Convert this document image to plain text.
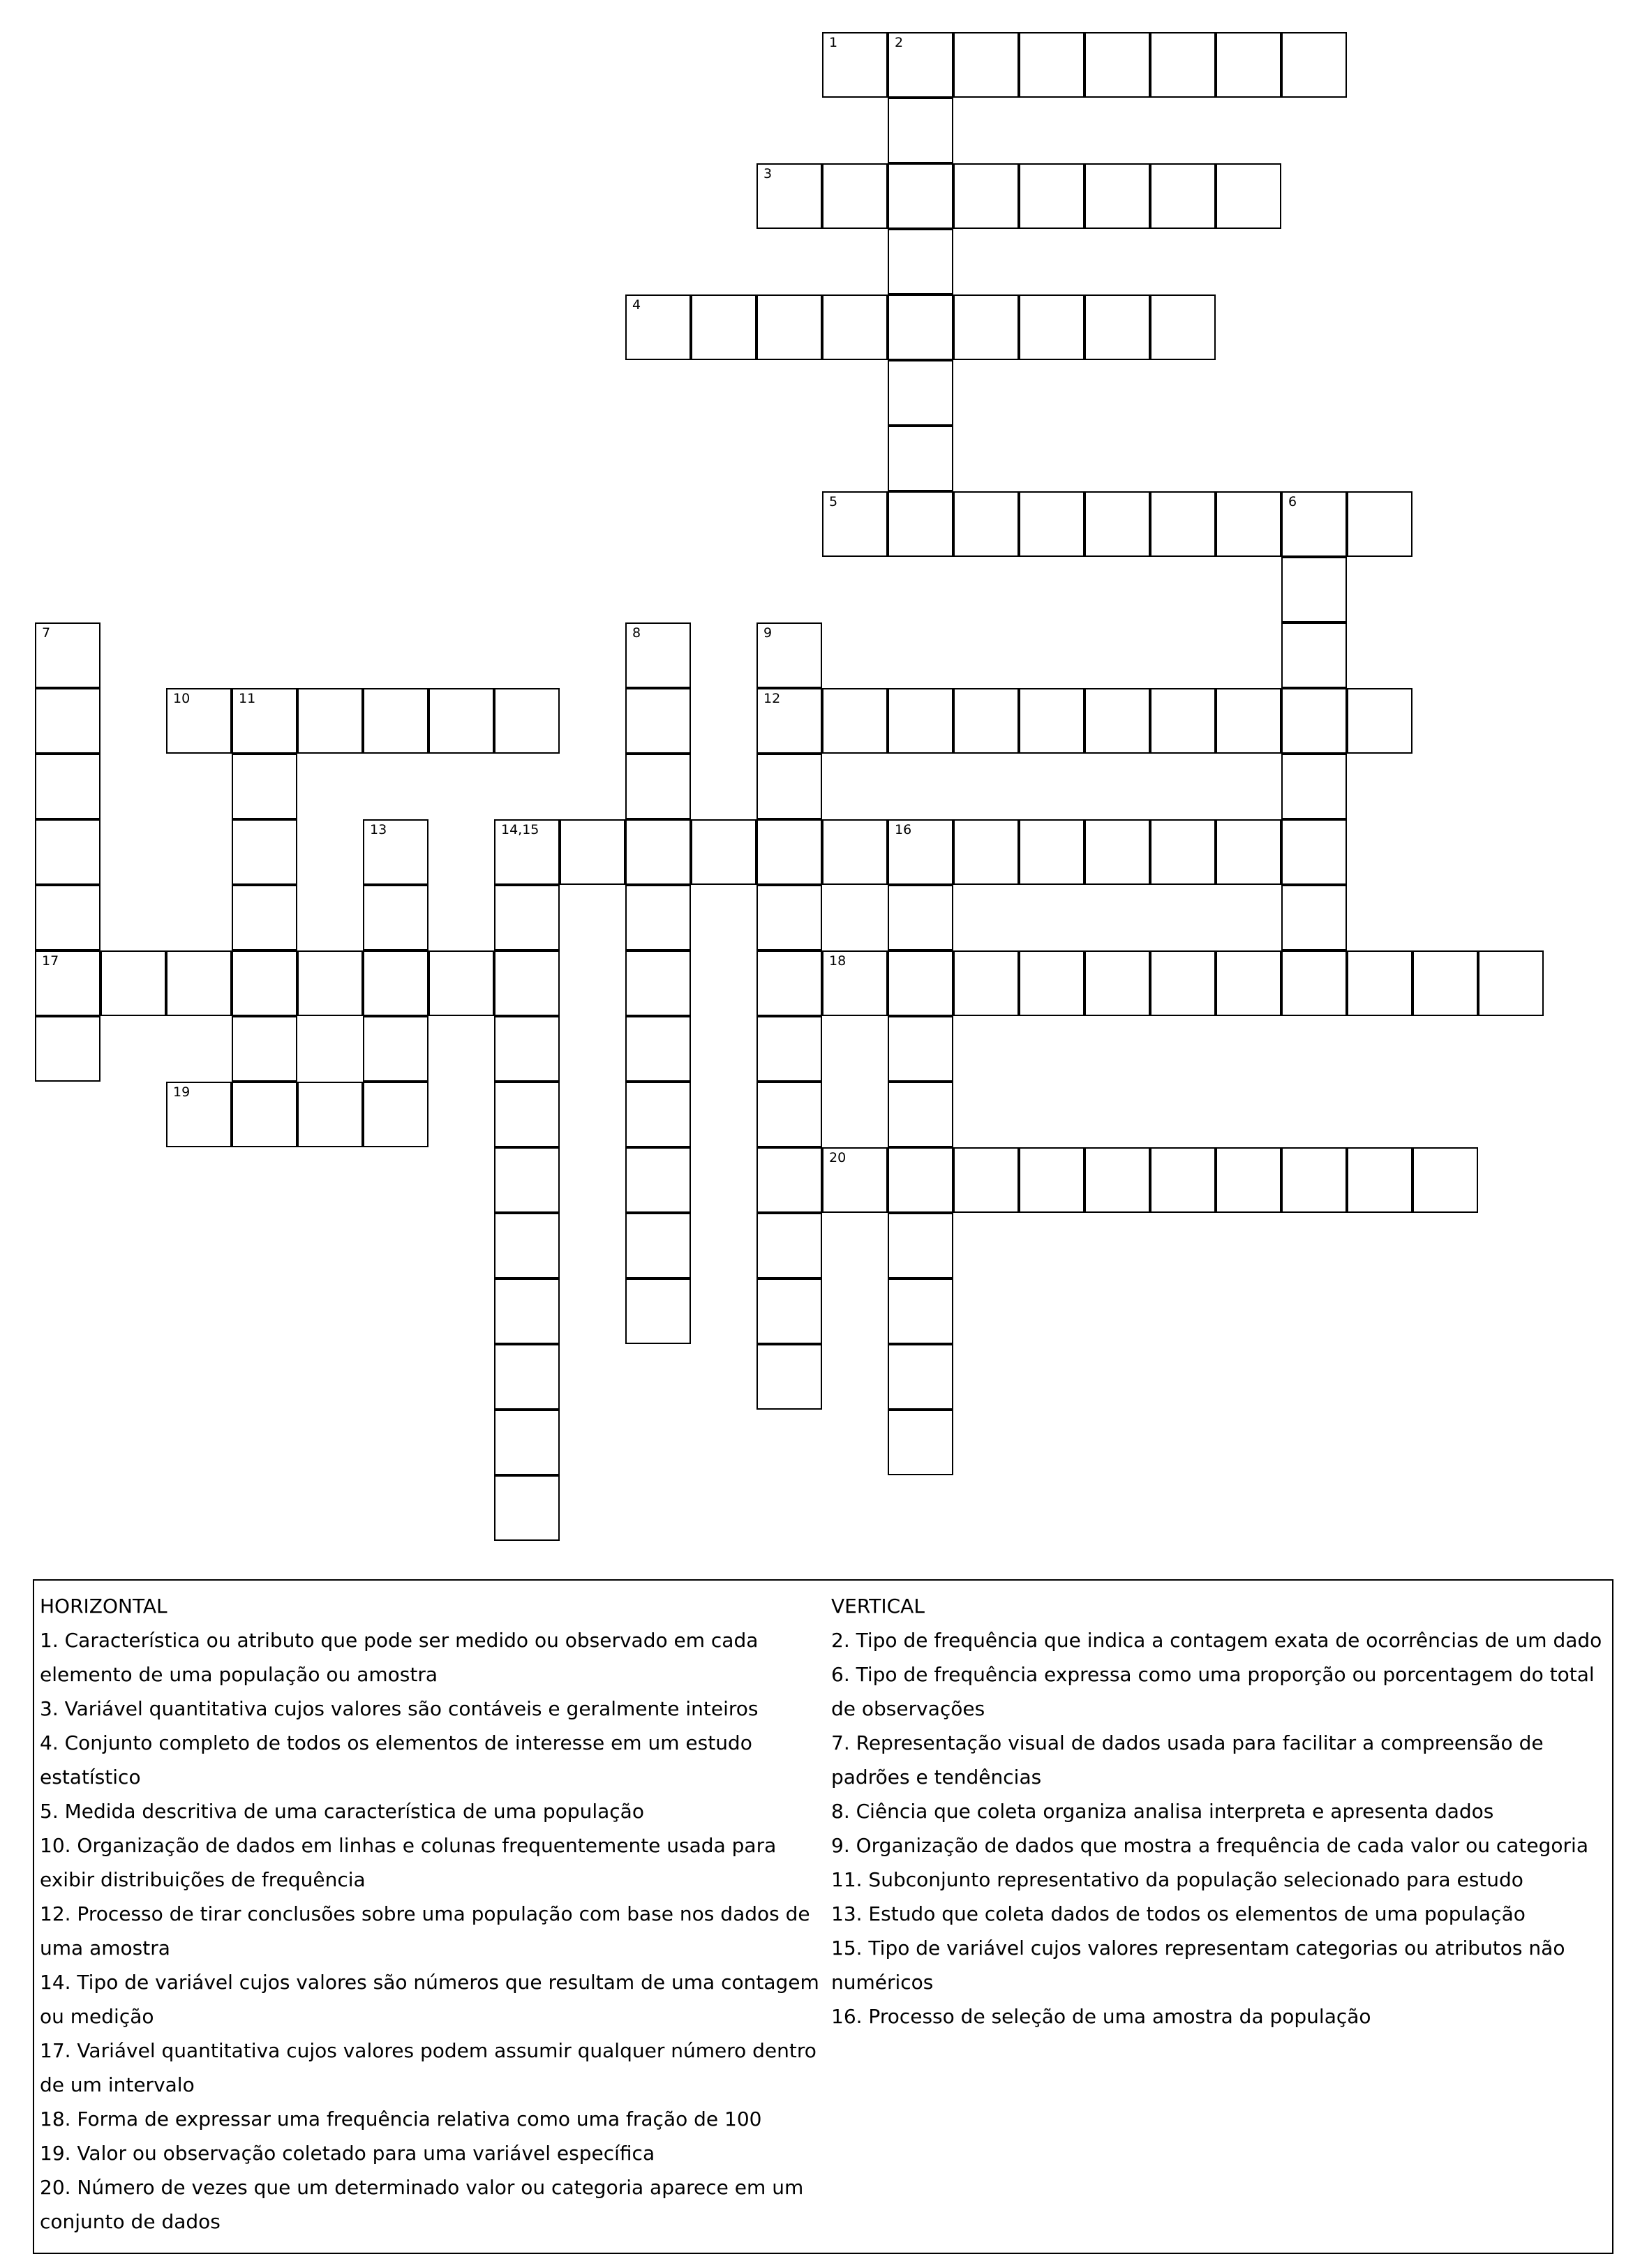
1	2
3
4
5	6
7
17
8	9
12
10	11
13	14,15	16
18
19
20
HORIZONTAL
1. Característica ou atributo que pode ser medido ou observado em cada elemento de uma população ou amostra
3. Variável quantitativa cujos valores são contáveis e geralmente inteiros
4. Conjunto completo de todos os elementos de interesse em um estudo estatístico
5. Medida descritiva de uma característica de uma população
10. Organização de dados em linhas e colunas frequentemente usada para exibir distribuições de frequência
12. Processo de tirar conclusões sobre uma população com base nos dados de uma amostra
14. Tipo de variável cujos valores são números que resultam de uma contagem ou medição
17. Variável quantitativa cujos valores podem assumir qualquer número dentro de um intervalo
18. Forma de expressar uma frequência relativa como uma fração de 100
19. Valor ou observação coletado para uma variável específica
20. Número de vezes que um determinado valor ou categoria aparece em um conjunto de dados
VERTICAL
2. Tipo de frequência que indica a contagem exata de ocorrências de um dado
6. Tipo de frequência expressa como uma proporção ou porcentagem do total de observações
7. Representação visual de dados usada para facilitar a compreensão de padrões e tendências
8. Ciência que coleta organiza analisa interpreta e apresenta dados
9. Organização de dados que mostra a frequência de cada valor ou categoria
11. Subconjunto representativo da população selecionado para estudo
13. Estudo que coleta dados de todos os elementos de uma população
15. Tipo de variável cujos valores representam categorias ou atributos não numéricos
16. Processo de seleção de uma amostra da população
